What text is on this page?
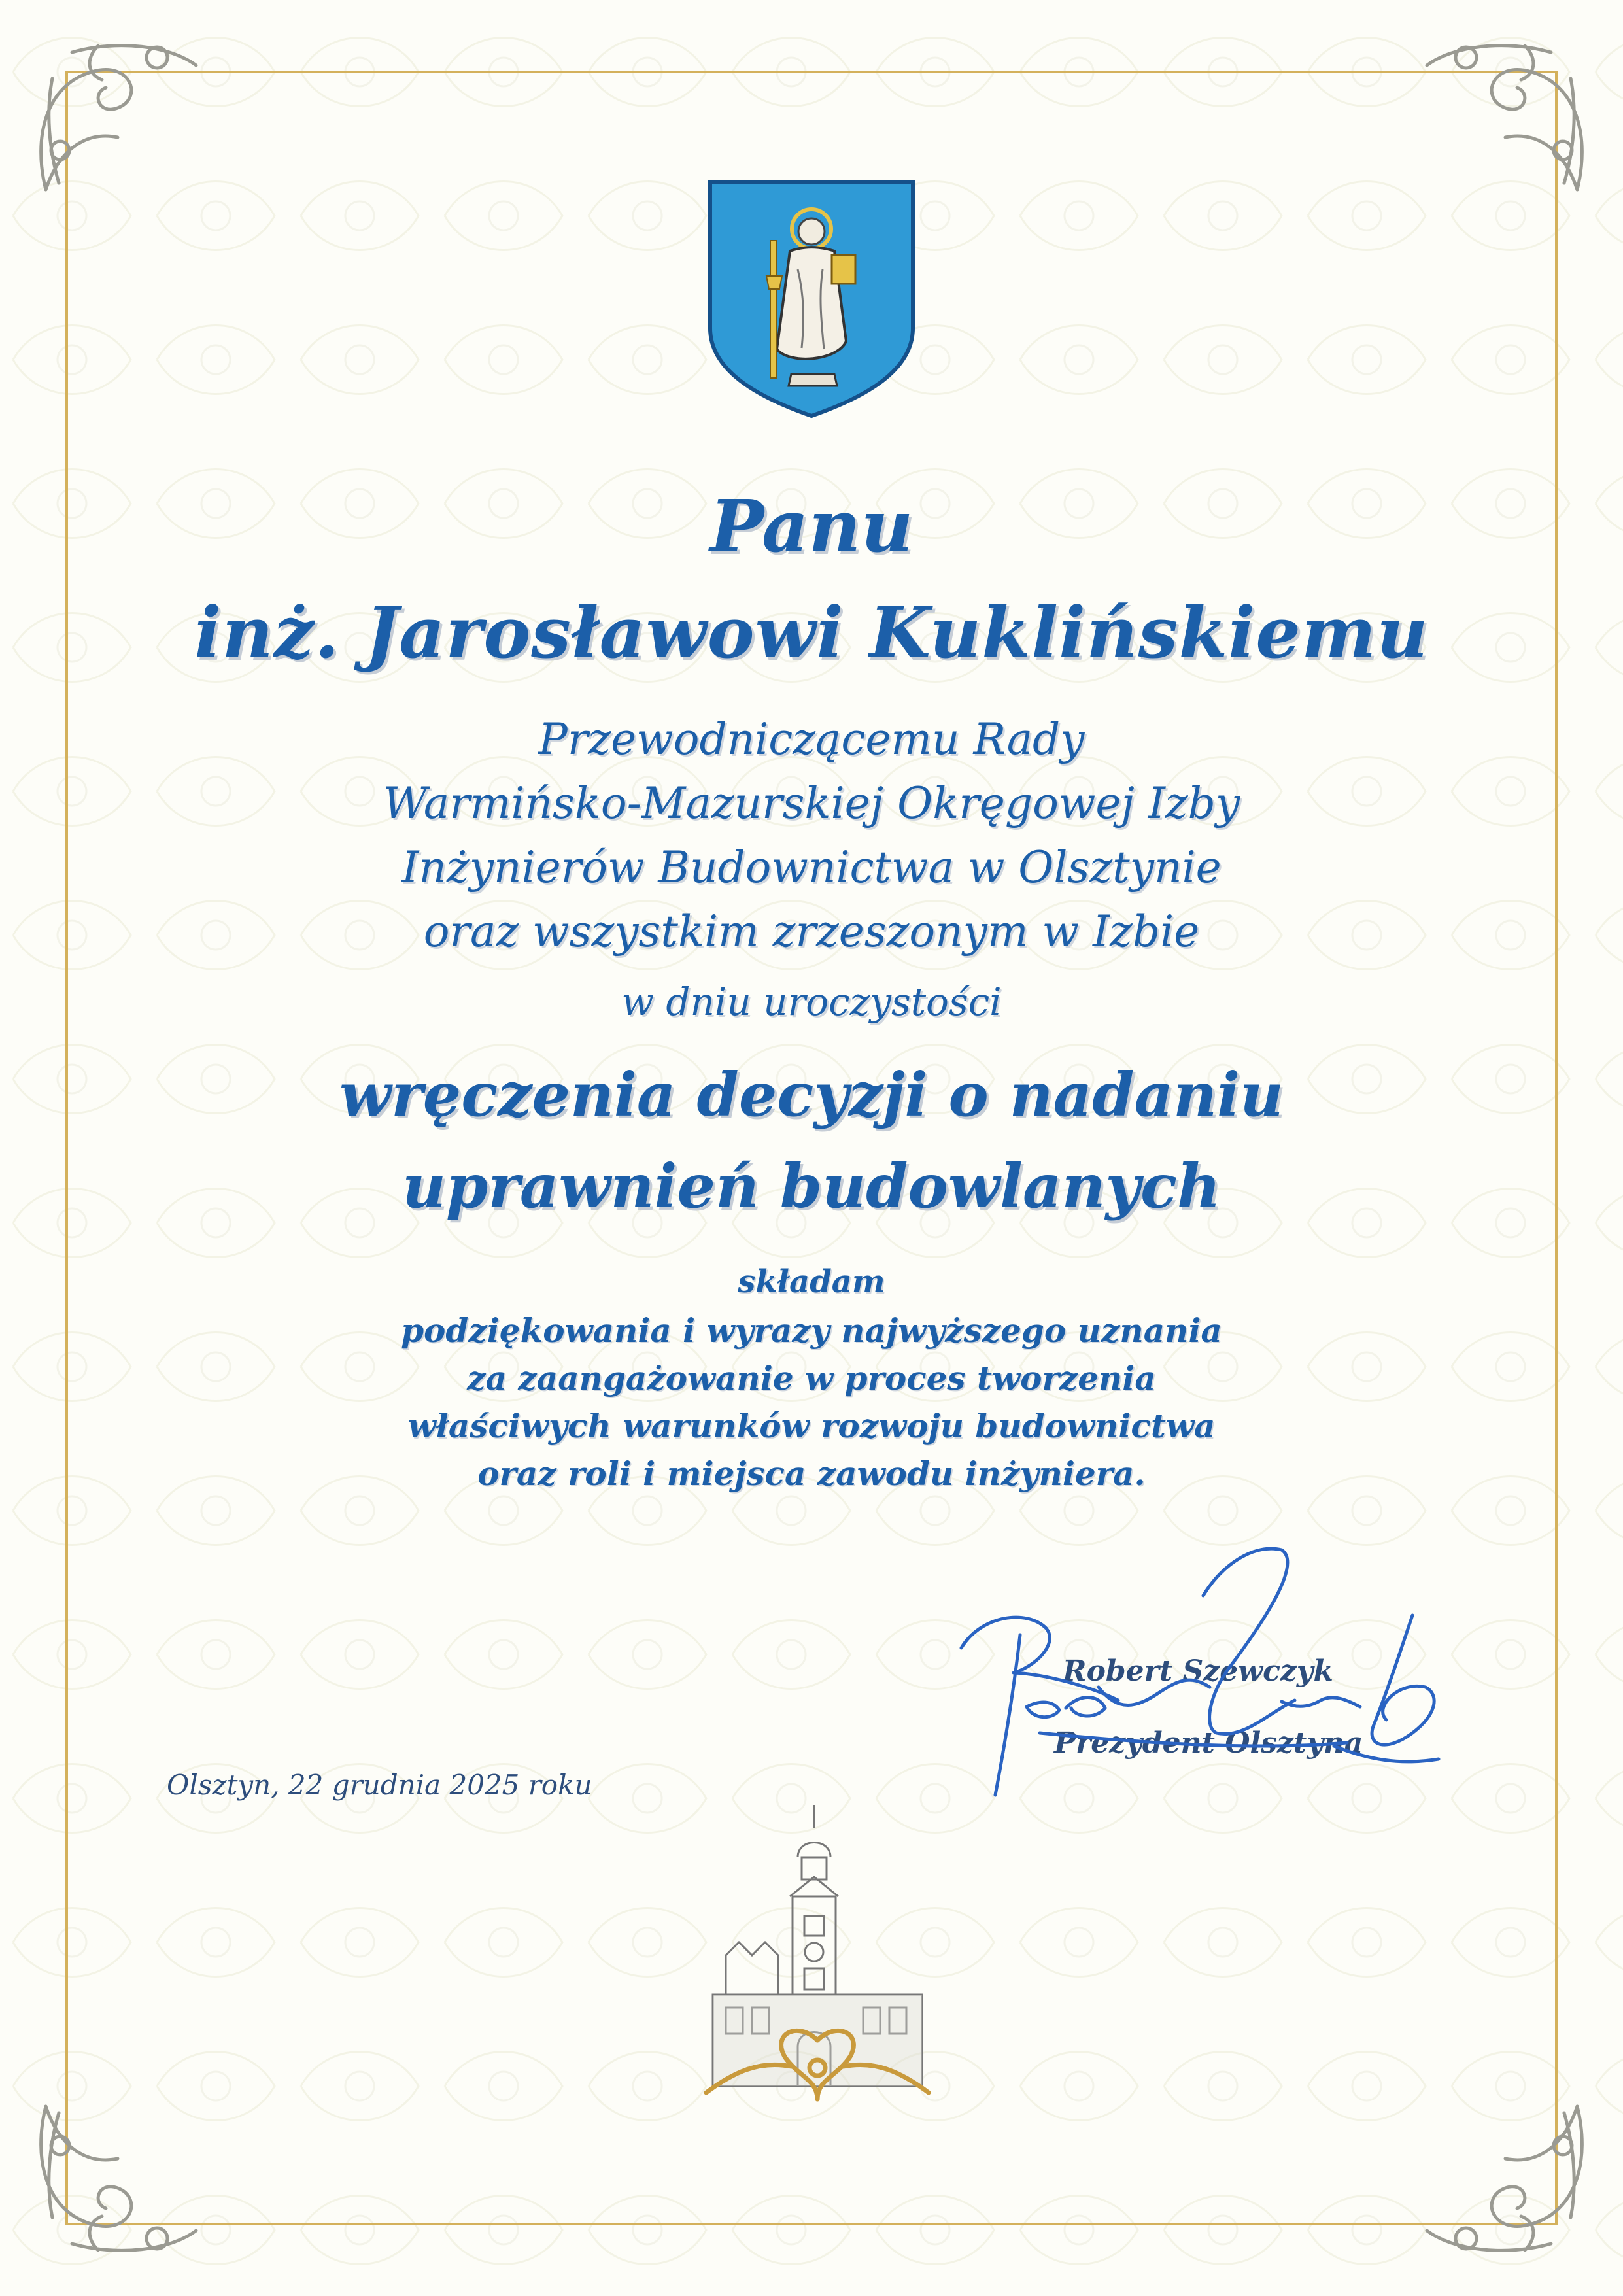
Panu

inż. Jarosławowi Kuklińskiemu

Przewodniczącemu Rady

Warmińsko-Mazurskiej Okręgowej Izby

Inżynierów Budownictwa w Olsztynie

oraz wszystkim zrzeszonym w Izbie

w dniu uroczystości

wręczenia decyzji o nadaniu

uprawnień budowlanych

składam

podziękowania i wyrazy najwyższego uznania

za zaangażowanie w proces tworzenia

właściwych warunków rozwoju budownictwa

oraz roli i miejsca zawodu inżyniera.

Robert Szewczyk

Prezydent Olsztyna

Olsztyn, 22 grudnia 2025 roku
